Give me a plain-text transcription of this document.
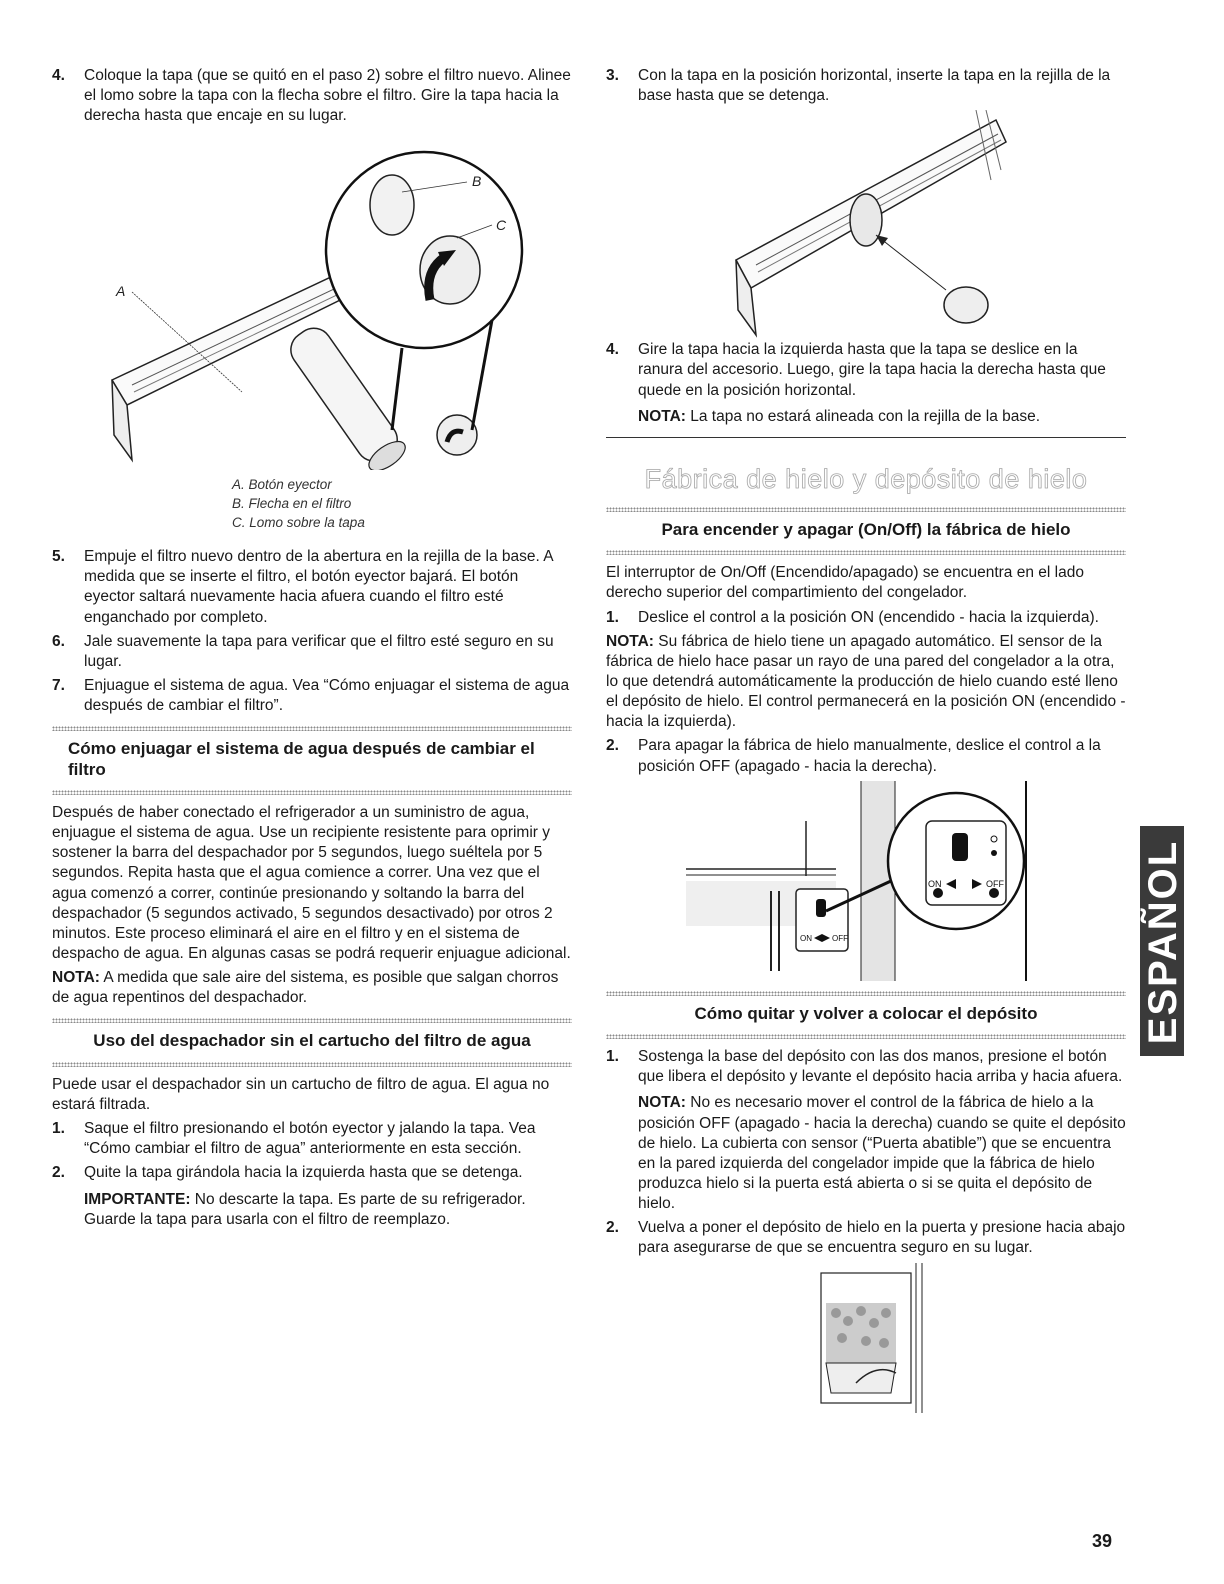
4.	Coloque la tapa (que se quitó en el paso 2) sobre el filtro nuevo. Alinee el lomo sobre la tapa con la flecha sobre el filtro. Gire la tapa hacia la derecha hasta que encaje en su lugar.
A
B
C
A. Botón eyector
B. Flecha en el filtro
C. Lomo sobre la tapa
5.	Empuje el filtro nuevo dentro de la abertura en la rejilla de la base. A medida que se inserte el filtro, el botón eyector bajará. El botón eyector saltará nuevamente hacia afuera cuando el filtro esté enganchado por completo.
6.	Jale suavemente la tapa para verificar que el filtro esté seguro en su lugar.
7.	Enjuague el sistema de agua. Vea “Cómo enjuagar el sistema de agua después de cambiar el filtro”.
Cómo enjuagar el sistema de agua después de cambiar el filtro

Después de haber conectado el refrigerador a un suministro de agua, enjuague el sistema de agua. Use un recipiente resistente para oprimir y sostener la barra del despachador por 5 segundos, luego suéltela por 5 segundos. Repita hasta que el agua comience a correr. Una vez que el agua comenzó a correr, continúe presionando y soltando la barra del despachador (5 segundos activado, 5 segundos desactivado) por otros 2 minutos. Este proceso eliminará el aire en el filtro y en el sistema de despacho de agua. En algunas casas se podrá requerir enjuague adicional.

NOTA: A medida que sale aire del sistema, es posible que salgan chorros de agua repentinos del despachador.

Uso del despachador sin el cartucho del filtro de agua

Puede usar el despachador sin un cartucho de filtro de agua. El agua no estará filtrada.

1.	Saque el filtro presionando el botón eyector y jalando la tapa. Vea “Cómo cambiar el filtro de agua” anteriormente en esta sección.
2.	Quite la tapa girándola hacia la izquierda hasta que se detenga.

IMPORTANTE: No descarte la tapa. Es parte de su refrigerador. Guarde la tapa para usarla con el filtro de reemplazo.

3.	Con la tapa en la posición horizontal, inserte la tapa en la rejilla de la base hasta que se detenga.
4.	Gire la tapa hacia la izquierda hasta que la tapa se deslice en la ranura del accesorio. Luego, gire la tapa hacia la derecha hasta que quede en la posición horizontal.

NOTA: La tapa no estará alineada con la rejilla de la base.

Fábrica de hielo y depósito de hielo
Para encender y apagar (On/Off) la fábrica de hielo

El interruptor de On/Off (Encendido/apagado) se encuentra en el lado derecho superior del compartimiento del congelador.

1.	Deslice el control a la posición ON (encendido - hacia la izquierda).

NOTA: Su fábrica de hielo tiene un apagado automático. El sensor de la fábrica de hielo hace pasar un rayo de una pared del congelador a la otra, lo que detendrá automáticamente la producción de hielo cuando esté lleno el depósito de hielo. El control permanecerá en la posición ON (encendido - hacia la izquierda).

2.	Para apagar la fábrica de hielo manualmente, deslice el control a la posición OFF (apagado - hacia la derecha).
ON	OFF
ON	OFF
Cómo quitar y volver a colocar el depósito
1.	Sostenga la base del depósito con las dos manos, presione el botón que libera el depósito y levante el depósito hacia arriba y hacia afuera.

NOTA: No es necesario mover el control de la fábrica de hielo a la posición OFF (apagado - hacia la derecha) cuando se quite el depósito de hielo. La cubierta con sensor (“Puerta abatible”) que se encuentra en la pared izquierda del congelador impide que la fábrica de hielo produzca hielo si la puerta está abierta o si se quita el depósito de hielo.

2.	Vuelva a poner el depósito de hielo en la puerta y presione hacia abajo para asegurarse de que se encuentra seguro en su lugar.
ESPAÑOL
39
